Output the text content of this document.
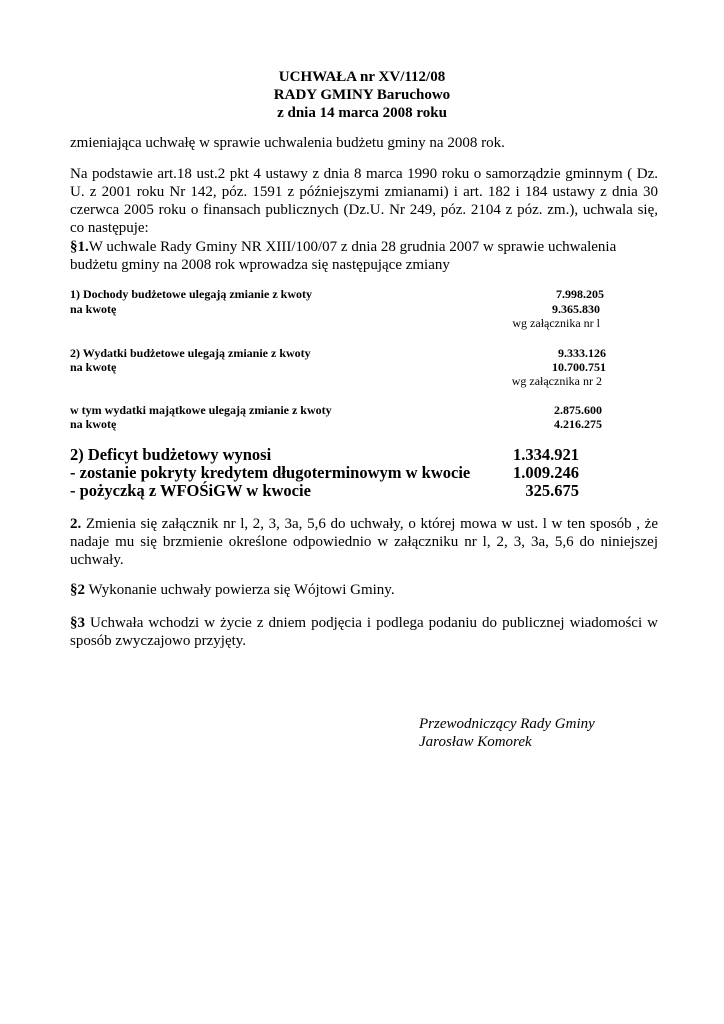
UCHWAŁA nr XV/112/08
RADY GMINY Baruchowo
z dnia 14 marca 2008 roku
zmieniająca uchwałę w sprawie uchwalenia budżetu gminy na 2008 rok.
Na podstawie art.18 ust.2 pkt 4 ustawy z dnia 8 marca 1990 roku o samorządzie gminnym ( Dz. U. z 2001 roku Nr 142, póz. 1591 z późniejszymi zmianami) i art. 182 i 184 ustawy z dnia 30 czerwca 2005 roku o finansach publicznych (Dz.U. Nr 249, póz. 2104 z póz. zm.), uchwala się, co następuje:
§1.W uchwale Rady Gminy NR XIII/100/07 z dnia 28 grudnia 2007 w sprawie uchwalenia budżetu gminy na 2008 rok wprowadza się następujące zmiany
1) Dochody budżetowe ulegają zmianie z kwoty	7.998.205
na kwotę	9.365.830
wg załącznika nr l
2) Wydatki budżetowe ulegają zmianie z kwoty	9.333.126
na kwotę	10.700.751
wg załącznika nr 2
w tym wydatki majątkowe ulegają zmianie z kwoty	2.875.600
na kwotę	4.216.275
2) Deficyt budżetowy wynosi	1.334.921
- zostanie pokryty kredytem długoterminowym w kwocie	1.009.246
- pożyczką z WFOŚiGW w kwocie	325.675
2. Zmienia się załącznik nr l, 2, 3, 3a, 5,6 do uchwały, o której mowa w ust. l w ten sposób , że nadaje mu się brzmienie określone odpowiednio w załączniku nr l, 2, 3, 3a, 5,6 do niniejszej uchwały.
§2 Wykonanie uchwały powierza się Wójtowi Gminy.
§3 Uchwała wchodzi w życie z dniem podjęcia i podlega podaniu do publicznej wiadomości w sposób zwyczajowo przyjęty.
Przewodniczący Rady Gminy
Jarosław Komorek
